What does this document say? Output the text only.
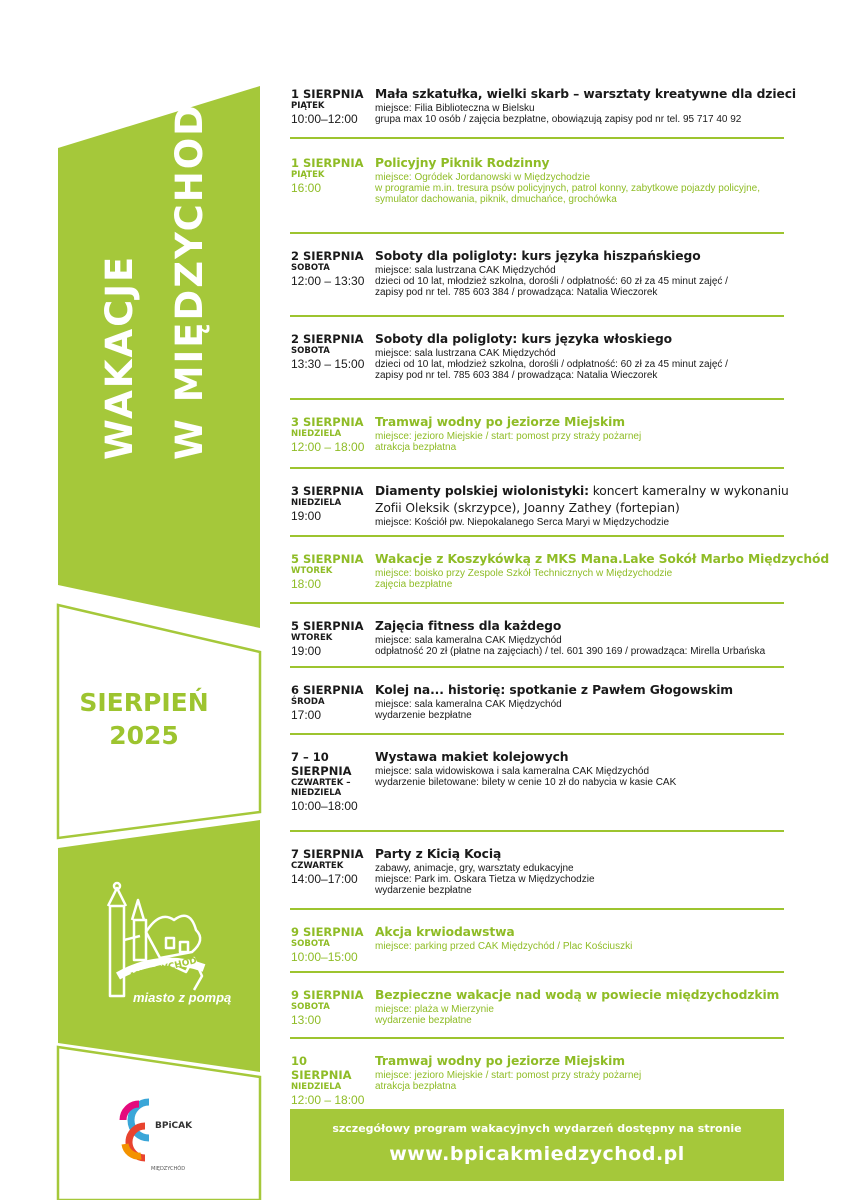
WAKACJE W MIĘDZYCHODZIE
SIERPIEŃ
2025
MIĘDZYCHÓD
miasto z pompą
BPiCAK
MIĘDZYCHÓD
1 SIERPNIA
PIĄTEK
10:00–12:00
Mała szkatułka, wielki skarb – warsztaty kreatywne dla dzieci
miejsce: Filia Biblioteczna w Bielsku
grupa max 10 osób / zajęcia bezpłatne, obowiązują zapisy pod nr tel. 95 717 40 92
1 SIERPNIA
PIĄTEK
16:00
Policyjny Piknik Rodzinny
miejsce: Ogródek Jordanowski w Międzychodzie
w programie m.in. tresura psów policyjnych, patrol konny, zabytkowe pojazdy policyjne,
symulator dachowania, piknik, dmuchańce, grochówka
2 SIERPNIA
SOBOTA
12:00 – 13:30
Soboty dla poligloty: kurs języka hiszpańskiego
miejsce: sala lustrzana CAK Międzychód
dzieci od 10 lat, młodzież szkolna, dorośli / odpłatność: 60 zł za 45 minut zajęć /
zapisy pod nr tel. 785 603 384 / prowadząca: Natalia Wieczorek
2 SIERPNIA
SOBOTA
13:30 – 15:00
Soboty dla poligloty: kurs języka włoskiego
miejsce: sala lustrzana CAK Międzychód
dzieci od 10 lat, młodzież szkolna, dorośli / odpłatność: 60 zł za 45 minut zajęć /
zapisy pod nr tel. 785 603 384 / prowadząca: Natalia Wieczorek
3 SIERPNIA
NIEDZIELA
12:00 – 18:00
Tramwaj wodny po jeziorze Miejskim
miejsce: jezioro Miejskie / start: pomost przy straży pożarnej
atrakcja bezpłatna
3 SIERPNIA
NIEDZIELA
19:00
Diamenty polskiej wiolonistyki: koncert kameralny w wykonaniu
Zofii Oleksik (skrzypce), Joanny Zathey (fortepian)
miejsce: Kościół pw. Niepokalanego Serca Maryi w Międzychodzie
5 SIERPNIA
WTOREK
18:00
Wakacje z Koszykówką z MKS Mana.Lake Sokół Marbo Międzychód
miejsce: boisko przy Zespole Szkół Technicznych w Międzychodzie
zajęcia bezpłatne
5 SIERPNIA
WTOREK
19:00
Zajęcia fitness dla każdego
miejsce: sala kameralna CAK Międzychód
odpłatność 20 zł (płatne na zajęciach) / tel. 601 390 169 / prowadząca: Mirella Urbańska
6 SIERPNIA
ŚRODA
17:00
Kolej na... historię: spotkanie z Pawłem Głogowskim
miejsce: sala kameralna CAK Międzychód
wydarzenie bezpłatne
7 – 10
SIERPNIA
CZWARTEK –
NIEDZIELA
10:00–18:00
Wystawa makiet kolejowych
miejsce: sala widowiskowa i sala kameralna CAK Międzychód
wydarzenie biletowane: bilety w cenie 10 zł do nabycia w kasie CAK
7 SIERPNIA
CZWARTEK
14:00–17:00
Party z Kicią Kocią
zabawy, animacje, gry, warsztaty edukacyjne
miejsce: Park im. Oskara Tietza w Międzychodzie
wydarzenie bezpłatne
9 SIERPNIA
SOBOTA
10:00–15:00
Akcja krwiodawstwa
miejsce: parking przed CAK Międzychód / Plac Kościuszki
9 SIERPNIA
SOBOTA
13:00
Bezpieczne wakacje nad wodą w powiecie międzychodzkim
miejsce: plaża w Mierzynie
wydarzenie bezpłatne
10 SIERPNIA
NIEDZIELA
12:00 – 18:00
Tramwaj wodny po jeziorze Miejskim
miejsce: jezioro Miejskie / start: pomost przy straży pożarnej
atrakcja bezpłatna
szczegółowy program wakacyjnych wydarzeń dostępny na stronie
www.bpicakmiedzychod.pl
